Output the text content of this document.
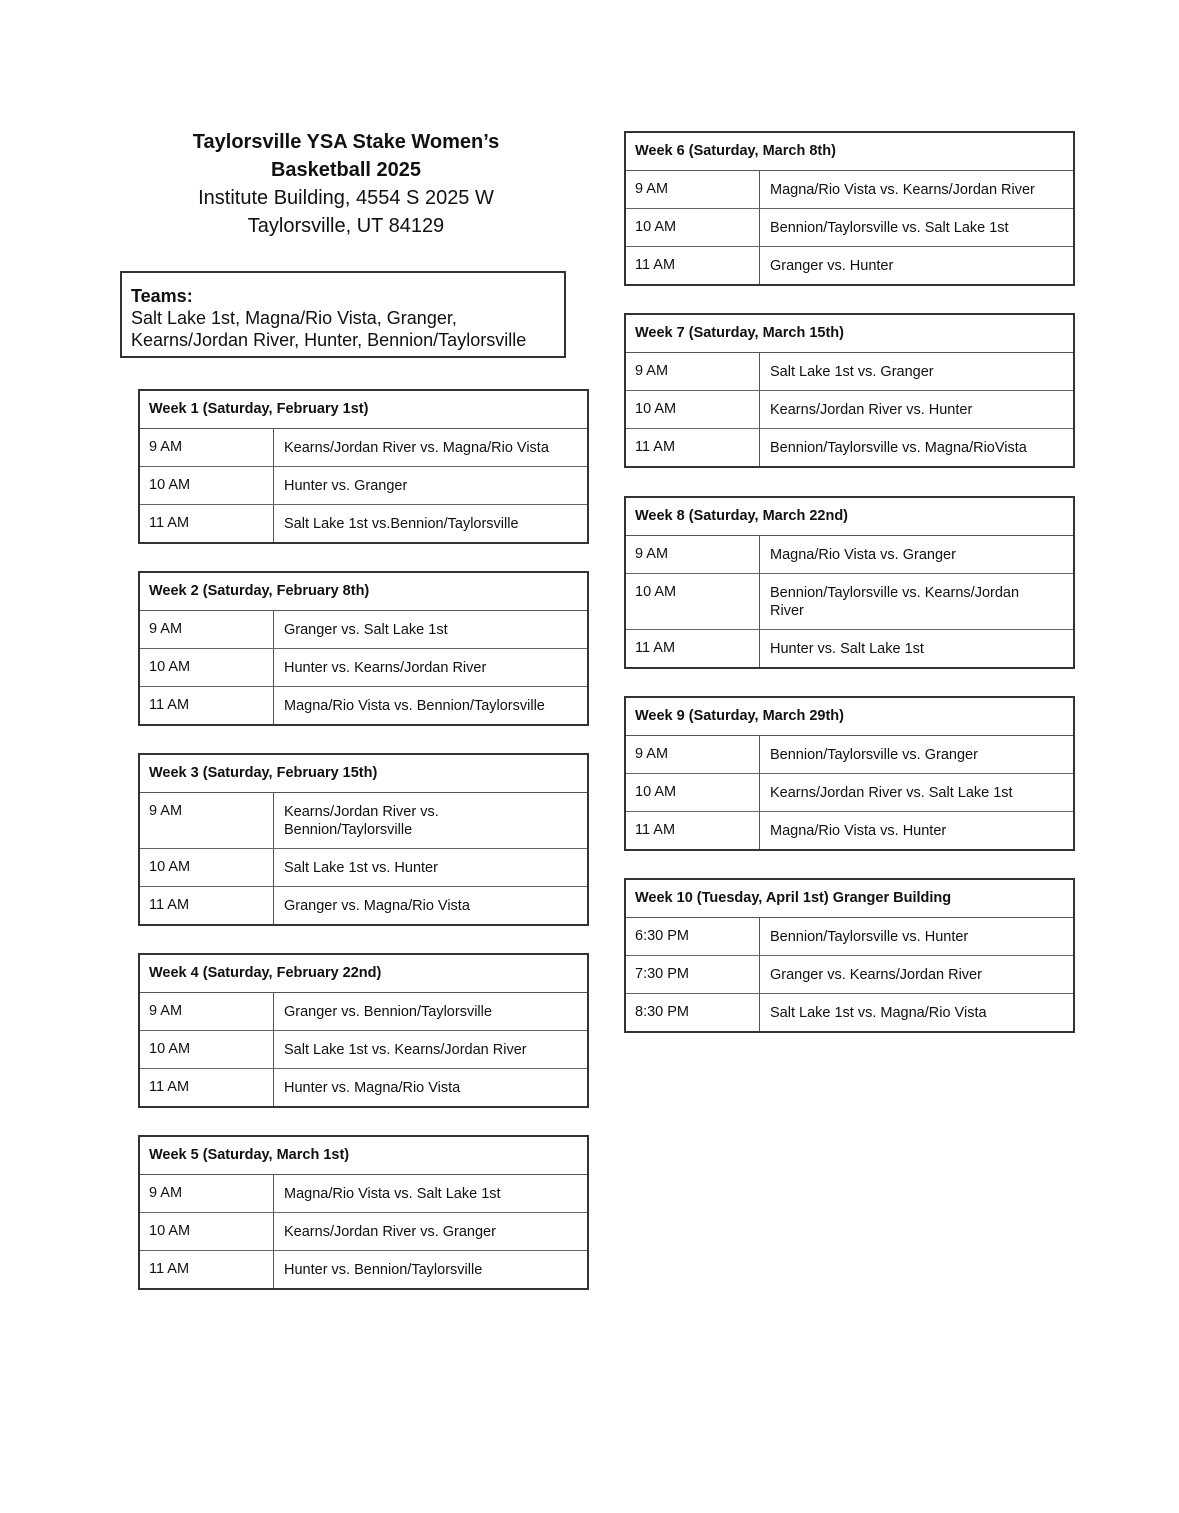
Taylorsville YSA Stake Women’s
Basketball 2025
Institute Building, 4554 S 2025 W
Taylorsville, UT 84129
Teams:
Salt Lake 1st, Magna/Rio Vista, Granger, Kearns/Jordan River, Hunter, Bennion/Taylorsville
Week 1 (Saturday, February 1st)
9 AM	Kearns/Jordan River vs. Magna/Rio Vista
10 AM	Hunter vs. Granger
11 AM	Salt Lake 1st vs.Bennion/Taylorsville
Week 2 (Saturday, February 8th)
9 AM	Granger vs. Salt Lake 1st
10 AM	Hunter vs. Kearns/Jordan River
11 AM	Magna/Rio Vista vs. Bennion/Taylorsville
Week 3 (Saturday, February 15th)
9 AM	Kearns/Jordan River vs. Bennion/Taylorsville
10 AM	Salt Lake 1st vs. Hunter
11 AM	Granger vs. Magna/Rio Vista
Week 4 (Saturday, February 22nd)
9 AM	Granger vs. Bennion/Taylorsville
10 AM	Salt Lake 1st vs. Kearns/Jordan River
11 AM	Hunter vs. Magna/Rio Vista
Week 5 (Saturday, March 1st)
9 AM	Magna/Rio Vista vs. Salt Lake 1st
10 AM	Kearns/Jordan River vs. Granger
11 AM	Hunter vs. Bennion/Taylorsville
Week 6 (Saturday, March 8th)
9 AM	Magna/Rio Vista vs. Kearns/Jordan River
10 AM	Bennion/Taylorsville vs. Salt Lake 1st
11 AM	Granger vs. Hunter
Week 7 (Saturday, March 15th)
9 AM	Salt Lake 1st vs. Granger
10 AM	Kearns/Jordan River vs. Hunter
11 AM	Bennion/Taylorsville vs. Magna/RioVista
Week 8 (Saturday, March 22nd)
9 AM	Magna/Rio Vista vs. Granger
10 AM	Bennion/Taylorsville vs. Kearns/Jordan River
11 AM	Hunter vs. Salt Lake 1st
Week 9 (Saturday, March 29th)
9 AM	Bennion/Taylorsville vs. Granger
10 AM	Kearns/Jordan River vs. Salt Lake 1st
11 AM	Magna/Rio Vista vs. Hunter
Week 10 (Tuesday, April 1st) Granger Building
6:30 PM	Bennion/Taylorsville vs. Hunter
7:30 PM	Granger vs. Kearns/Jordan River
8:30 PM	Salt Lake 1st vs. Magna/Rio Vista
